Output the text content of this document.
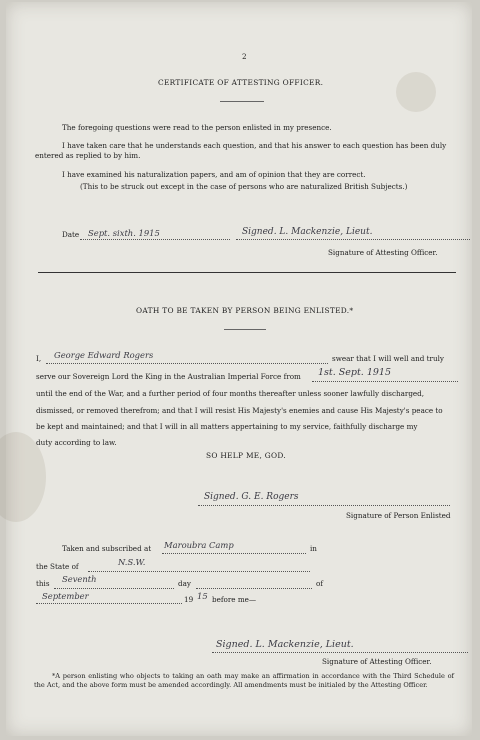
2
CERTIFICATE OF ATTESTING OFFICER.
The foregoing questions were read to the person enlisted in my presence.
I have taken care that he understands each question, and that his answer to each question has been duly
entered as replied to by him.
I have examined his naturalization papers, and am of opinion that they are correct.
(This to be struck out except in the case of persons who are naturalized British Subjects.)
Date Sept. sixth. 1915	Signed. L. Mackenzie, Lieut.
Signature of Attesting Officer.
OATH TO BE TAKEN BY PERSON BEING ENLISTED.*
I, George Edward Rogers	swear that I will well and truly
serve our Sovereign Lord the King in the Australian Imperial Force from 1st. Sept. 1915
until the end of the War, and a further period of four months thereafter unless sooner lawfully discharged,
dismissed, or removed therefrom; and that I will resist His Majesty's enemies and cause His Majesty's peace to
be kept and maintained; and that I will in all matters appertaining to my service, faithfully discharge my
duty according to law.
SO HELP ME, GOD.
Signed. G. E. Rogers
Signature of Person Enlisted
Taken and subscribed at Maroubra Camp	in
the State of	N.S.W.
this Seventh	day	of
September	19 15 before me—
Signed. L. Mackenzie, Lieut.
Signature of Attesting Officer.
*A person enlisting who objects to taking an oath may make an affirmation in accordance with the Third Schedule of the Act, and the above form must be amended accordingly. All amendments must be initialed by the Attesting Officer.
